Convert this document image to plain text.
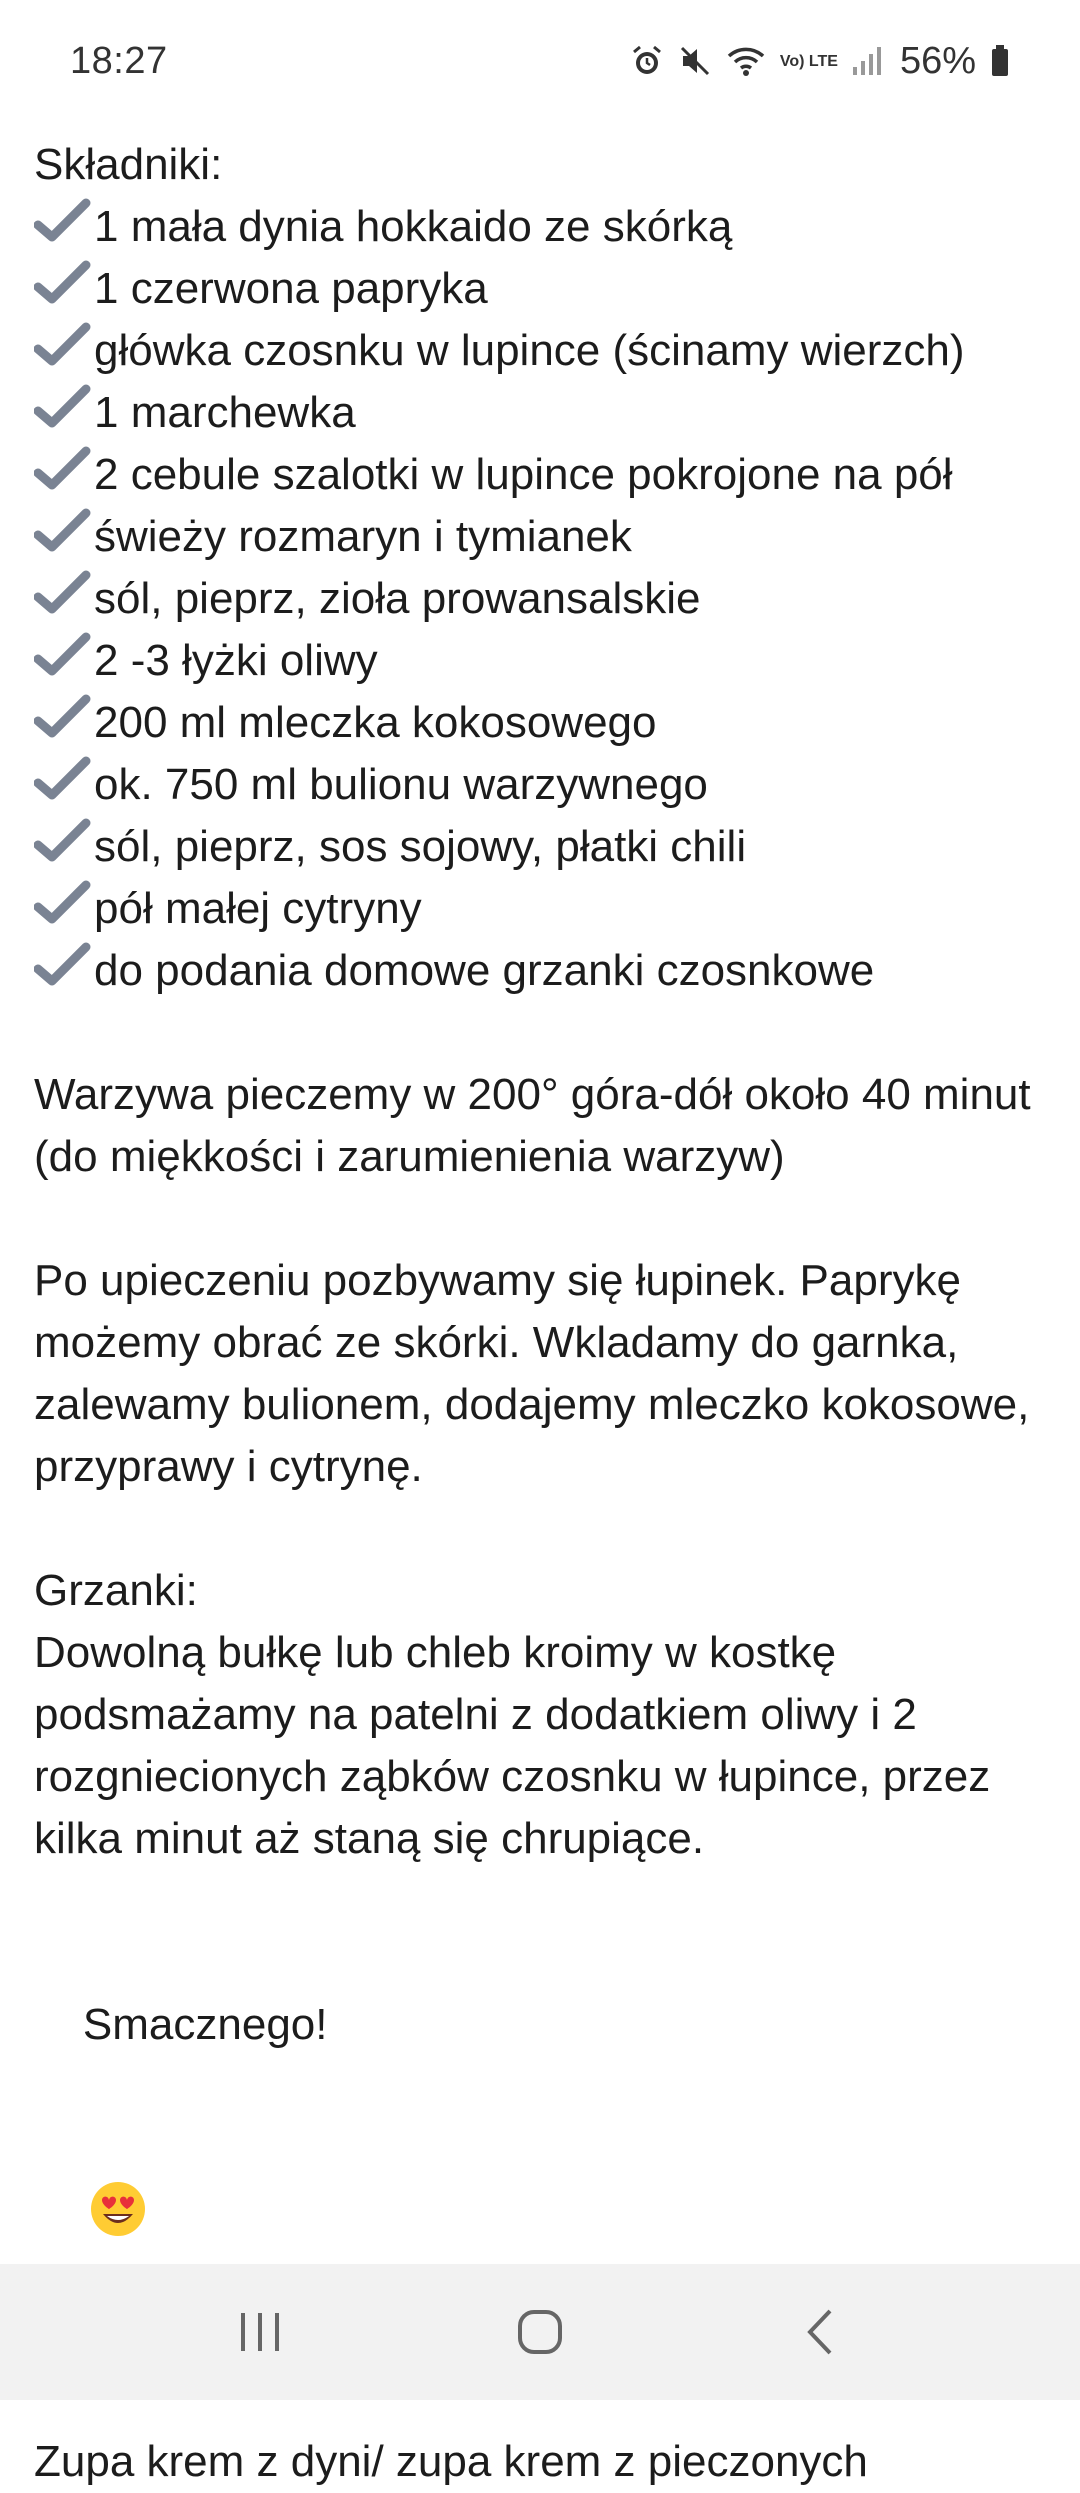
18:27	Vo) LTE 56%
Składniki:
1 mała dynia hokkaido ze skórką
1 czerwona papryka
główka czosnku w lupince (ścinamy wierzch)
1 marchewka
2 cebule szalotki w lupince pokrojone na pół
świeży rozmaryn i tymianek
sól, pieprz, zioła prowansalskie
2 -3 łyżki oliwy
200 ml mleczka kokosowego
ok. 750 ml bulionu warzywnego
sól, pieprz, sos sojowy, płatki chili
pół małej cytryny
do podania domowe grzanki czosnkowe
Warzywa pieczemy w 200° góra-dół około 40 minut (do miękkości i zarumienienia warzyw)
Po upieczeniu pozbywamy się łupinek. Paprykę możemy obrać ze skórki. Wkladamy do garnka, zalewamy bulionem, dodajemy mleczko kokosowe, przyprawy i cytrynę.
Grzanki:
Dowolną bułkę lub chleb kroimy w kostkę podsmażamy na patelni z dodatkiem oliwy i 2 rozgniecionych ząbków czosnku w łupince, przez kilka minut aż staną się chrupiące.

Smacznego!

Zupa krem z dyni/ zupa krem z pieczonych
